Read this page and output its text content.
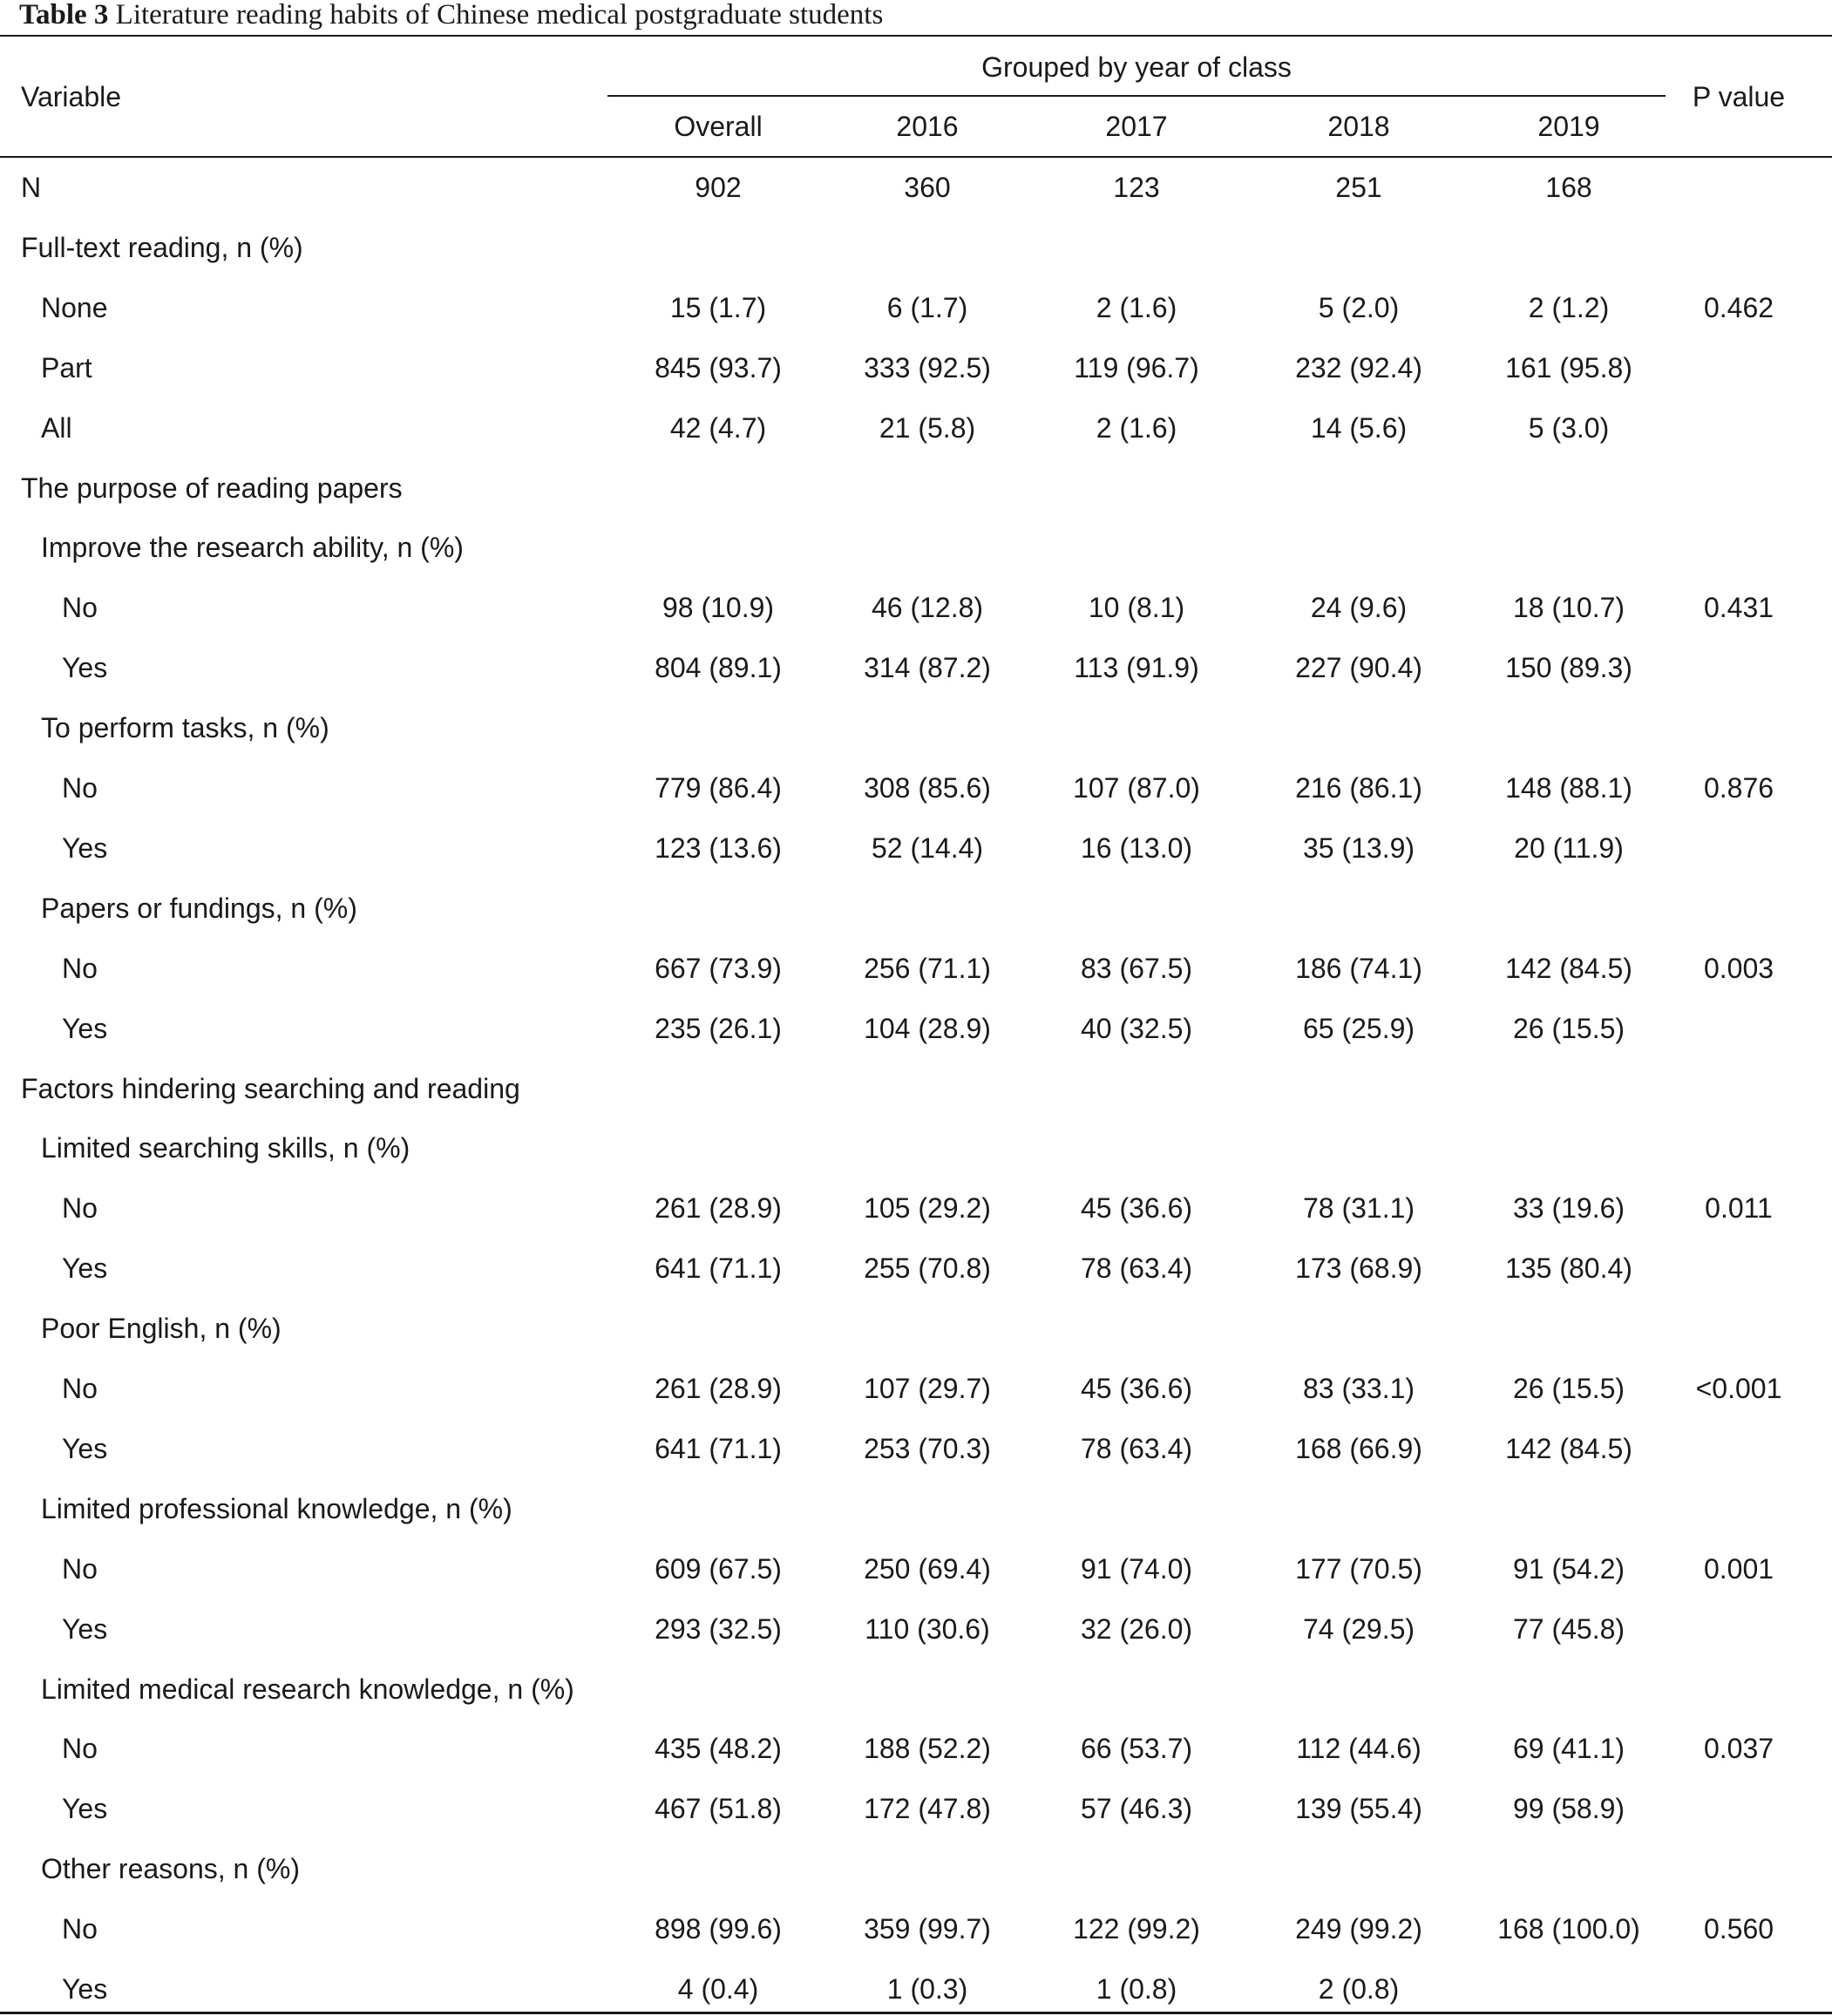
Table 3 Literature reading habits of Chinese medical postgraduate students
Variable
Grouped by year of class
P value
Overall	2016	2017	2018	2019
N	902	360	123	251	168
Full-text reading, n (%)
None	15 (1.7)	6 (1.7)	2 (1.6)	5 (2.0)	2 (1.2)	0.462
Part	845 (93.7)	333 (92.5)	119 (96.7)	232 (92.4)	161 (95.8)
All	42 (4.7)	21 (5.8)	2 (1.6)	14 (5.6)	5 (3.0)
The purpose of reading papers
Improve the research ability, n (%)
No	98 (10.9)	46 (12.8)	10 (8.1)	24 (9.6)	18 (10.7)	0.431
Yes	804 (89.1)	314 (87.2)	113 (91.9)	227 (90.4)	150 (89.3)
To perform tasks, n (%)
No	779 (86.4)	308 (85.6)	107 (87.0)	216 (86.1)	148 (88.1)	0.876
Yes	123 (13.6)	52 (14.4)	16 (13.0)	35 (13.9)	20 (11.9)
Papers or fundings, n (%)
No	667 (73.9)	256 (71.1)	83 (67.5)	186 (74.1)	142 (84.5)	0.003
Yes	235 (26.1)	104 (28.9)	40 (32.5)	65 (25.9)	26 (15.5)
Factors hindering searching and reading
Limited searching skills, n (%)
No	261 (28.9)	105 (29.2)	45 (36.6)	78 (31.1)	33 (19.6)	0.011
Yes	641 (71.1)	255 (70.8)	78 (63.4)	173 (68.9)	135 (80.4)
Poor English, n (%)
No	261 (28.9)	107 (29.7)	45 (36.6)	83 (33.1)	26 (15.5)	<0.001
Yes	641 (71.1)	253 (70.3)	78 (63.4)	168 (66.9)	142 (84.5)
Limited professional knowledge, n (%)
No	609 (67.5)	250 (69.4)	91 (74.0)	177 (70.5)	91 (54.2)	0.001
Yes	293 (32.5)	110 (30.6)	32 (26.0)	74 (29.5)	77 (45.8)
Limited medical research knowledge, n (%)
No	435 (48.2)	188 (52.2)	66 (53.7)	112 (44.6)	69 (41.1)	0.037
Yes	467 (51.8)	172 (47.8)	57 (46.3)	139 (55.4)	99 (58.9)
Other reasons, n (%)
No	898 (99.6)	359 (99.7)	122 (99.2)	249 (99.2)	168 (100.0)	0.560
Yes	4 (0.4)	1 (0.3)	1 (0.8)	2 (0.8)
